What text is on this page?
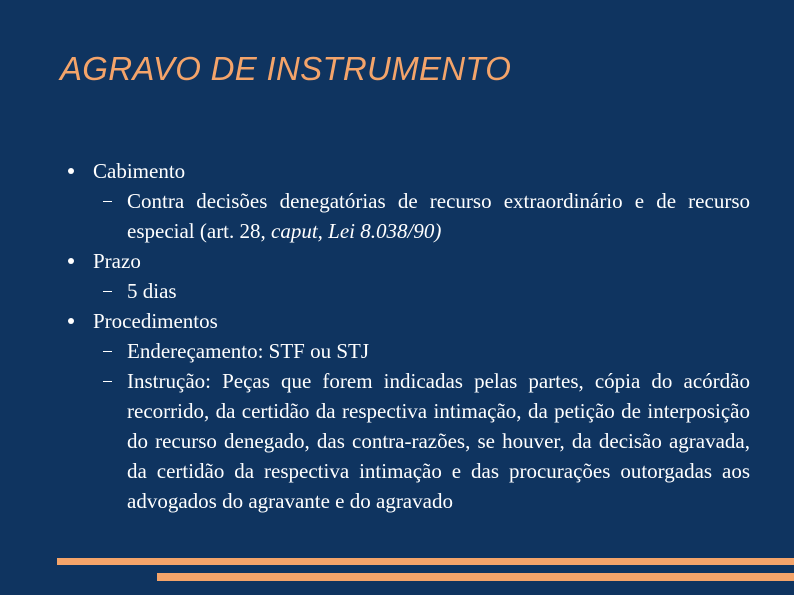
AGRAVO DE INSTRUMENTO
Cabimento
Contra decisões denegatórias de recurso extraordinário e de recurso especial (art. 28, caput, Lei 8.038/90)
Prazo
5 dias
Procedimentos
Endereçamento: STF ou STJ
Instrução: Peças que forem indicadas pelas partes, cópia do acórdão recorrido, da certidão da respectiva intimação, da petição de interposição do recurso denegado, das contra-razões, se houver, da decisão agravada, da certidão da respectiva intimação e das procurações outorgadas aos advogados do agravante e do agravado
